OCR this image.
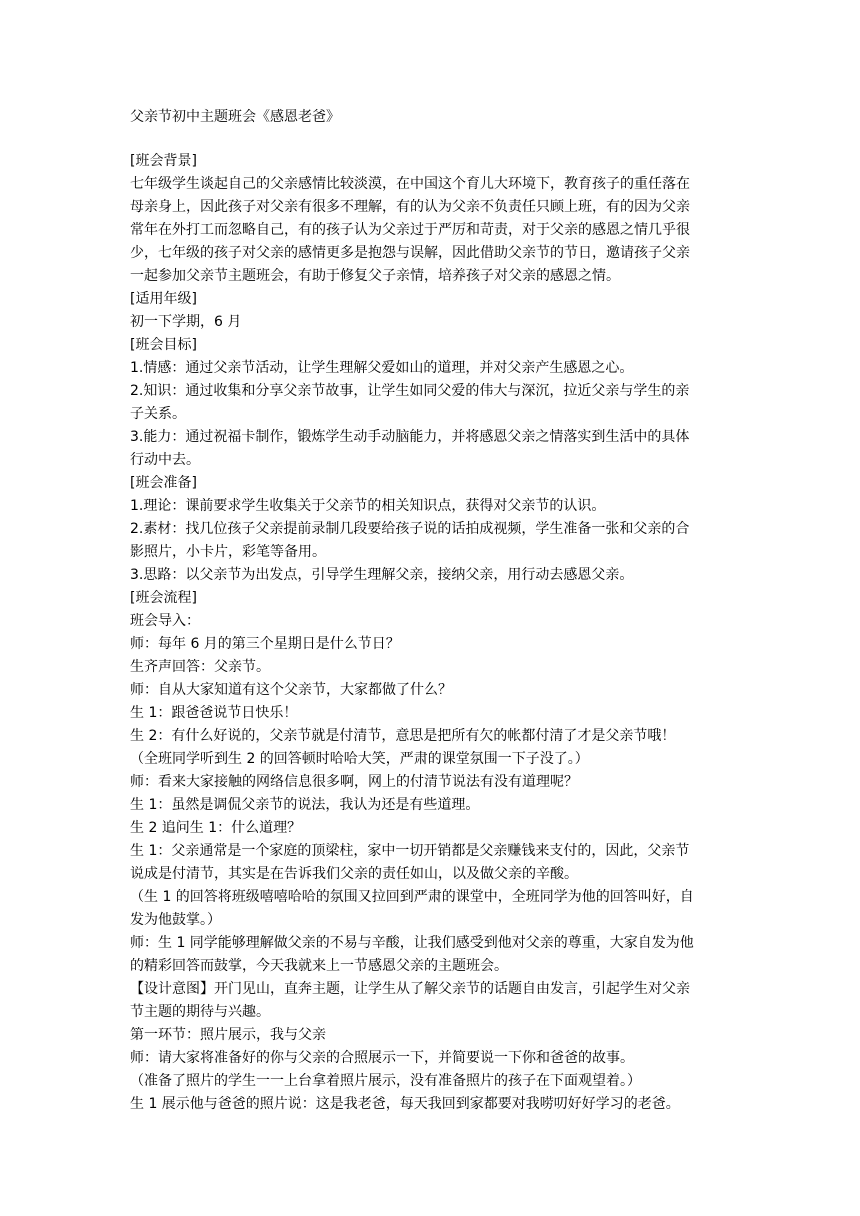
父亲节初中主题班会《感恩老爸》
[班会背景]
七年级学生谈起自己的父亲感情比较淡漠，在中国这个育儿大环境下，教育孩子的重任落在
母亲身上，因此孩子对父亲有很多不理解，有的认为父亲不负责任只顾上班，有的因为父亲
常年在外打工而忽略自己，有的孩子认为父亲过于严厉和苛责，对于父亲的感恩之情几乎很
少，七年级的孩子对父亲的感情更多是抱怨与误解，因此借助父亲节的节日，邀请孩子父亲
一起参加父亲节主题班会，有助于修复父子亲情，培养孩子对父亲的感恩之情。
[适用年级]
初一下学期，6 月
[班会目标]
1.情感：通过父亲节活动，让学生理解父爱如山的道理，并对父亲产生感恩之心。
2.知识：通过收集和分享父亲节故事，让学生如同父爱的伟大与深沉，拉近父亲与学生的亲
子关系。
3.能力：通过祝福卡制作，锻炼学生动手动脑能力，并将感恩父亲之情落实到生活中的具体
行动中去。
[班会准备]
1.理论：课前要求学生收集关于父亲节的相关知识点，获得对父亲节的认识。
2.素材：找几位孩子父亲提前录制几段要给孩子说的话拍成视频，学生准备一张和父亲的合
影照片，小卡片，彩笔等备用。
3.思路：以父亲节为出发点，引导学生理解父亲，接纳父亲，用行动去感恩父亲。
[班会流程]
班会导入：
师：每年 6 月的第三个星期日是什么节日？
生齐声回答：父亲节。
师：自从大家知道有这个父亲节，大家都做了什么？
生 1：跟爸爸说节日快乐！
生 2：有什么好说的，父亲节就是付清节，意思是把所有欠的帐都付清了才是父亲节哦！
（全班同学听到生 2 的回答顿时哈哈大笑，严肃的课堂氛围一下子没了。）
师：看来大家接触的网络信息很多啊，网上的付清节说法有没有道理呢？
生 1：虽然是调侃父亲节的说法，我认为还是有些道理。
生 2 追问生 1：什么道理？
生 1：父亲通常是一个家庭的顶梁柱，家中一切开销都是父亲赚钱来支付的，因此，父亲节
说成是付清节，其实是在告诉我们父亲的责任如山，以及做父亲的辛酸。
（生 1 的回答将班级嘻嘻哈哈的氛围又拉回到严肃的课堂中，全班同学为他的回答叫好，自
发为他鼓掌。）
师：生 1 同学能够理解做父亲的不易与辛酸，让我们感受到他对父亲的尊重，大家自发为他
的精彩回答而鼓掌，今天我就来上一节感恩父亲的主题班会。
【设计意图】开门见山，直奔主题，让学生从了解父亲节的话题自由发言，引起学生对父亲
节主题的期待与兴趣。
第一环节：照片展示，我与父亲
师：请大家将准备好的你与父亲的合照展示一下，并简要说一下你和爸爸的故事。
（准备了照片的学生一一上台拿着照片展示，没有准备照片的孩子在下面观望着。）
生 1 展示他与爸爸的照片说：这是我老爸，每天我回到家都要对我唠叨好好学习的老爸。
